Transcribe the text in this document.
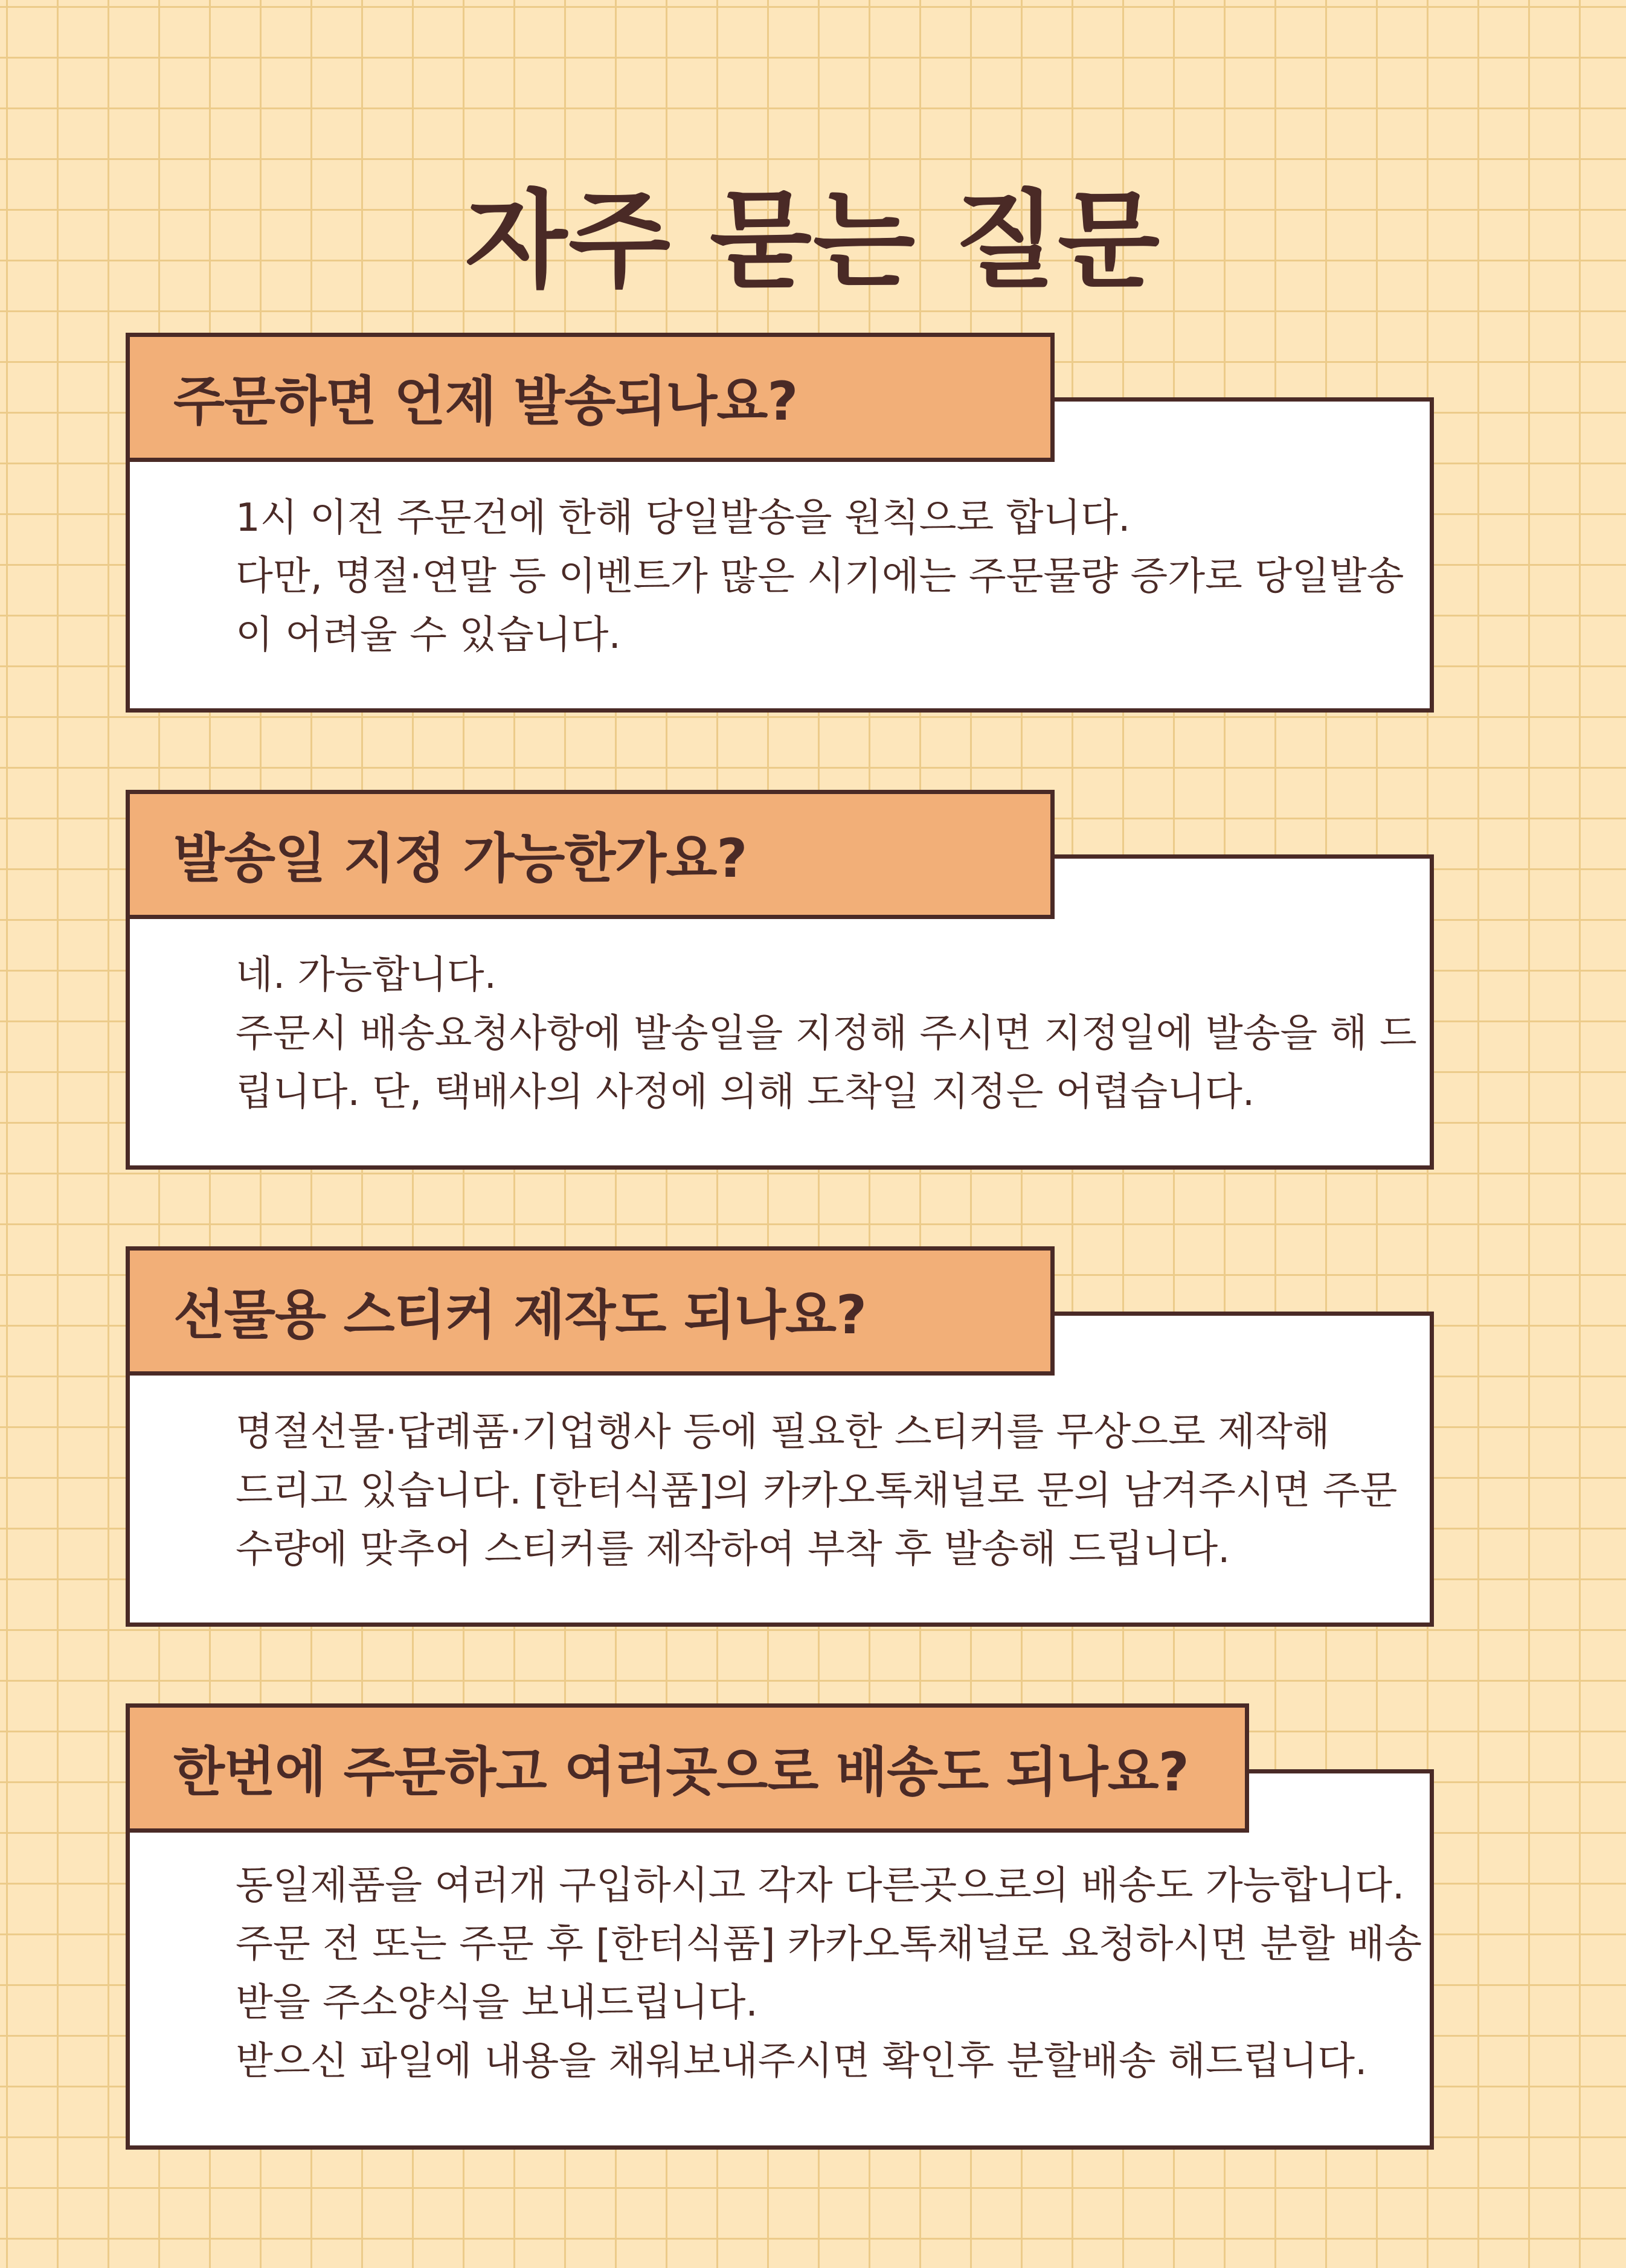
자주 묻는 질문
1시 이전 주문건에 한해 당일발송을 원칙으로 합니다.
다만, 명절·연말 등 이벤트가 많은 시기에는 주문물량 증가로 당일발송
이 어려울 수 있습니다.
주문하면 언제 발송되나요?
네. 가능합니다.
주문시 배송요청사항에 발송일을 지정해 주시면 지정일에 발송을 해 드
립니다. 단, 택배사의 사정에 의해 도착일 지정은 어렵습니다.
발송일 지정 가능한가요?
명절선물·답례품·기업행사 등에 필요한 스티커를 무상으로 제작해
드리고 있습니다. [한터식품]의 카카오톡채널로 문의 남겨주시면 주문
수량에 맞추어 스티커를 제작하여 부착 후 발송해 드립니다.
선물용 스티커 제작도 되나요?
동일제품을 여러개 구입하시고 각자 다른곳으로의 배송도 가능합니다.
주문 전 또는 주문 후 [한터식품] 카카오톡채널로 요청하시면 분할 배송
받을 주소양식을 보내드립니다.
받으신 파일에 내용을 채워보내주시면 확인후 분할배송 해드립니다.
한번에 주문하고 여러곳으로 배송도 되나요?
